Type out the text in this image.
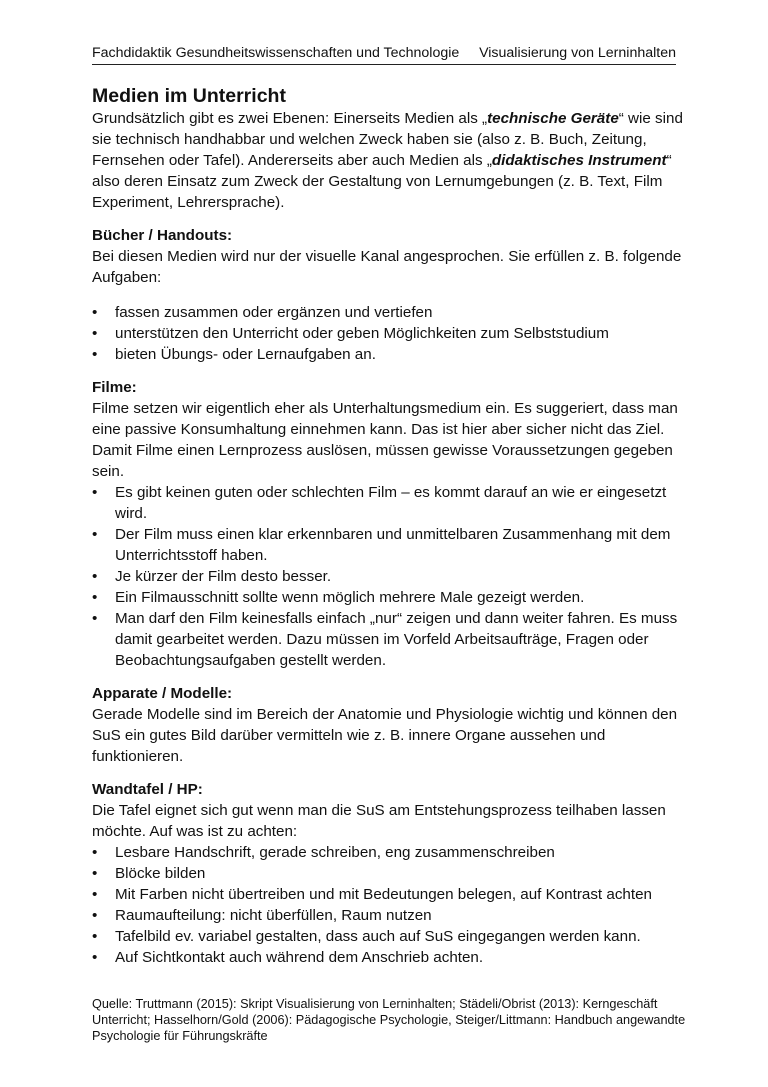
Fachdidaktik Gesundheitswissenschaften und Technologie Visualisierung von Lerninhalten
Medien im Unterricht

Grundsätzlich gibt es zwei Ebenen: Einerseits Medien als „technische Geräte“ wie sind sie technisch handhabbar und welchen Zweck haben sie (also z. B. Buch, Zeitung, Fernsehen oder Tafel). Andererseits aber auch Medien als „didaktisches Instrument“ also deren Einsatz zum Zweck der Gestaltung von Lernumgebungen (z. B. Text, Film Experiment, Lehrersprache).

Bücher / Handouts:

Bei diesen Medien wird nur der visuelle Kanal angesprochen. Sie erfüllen z. B. folgende Aufgaben:

• fassen zusammen oder ergänzen und vertiefen
• unterstützen den Unterricht oder geben Möglichkeiten zum Selbststudium
• bieten Übungs- oder Lernaufgaben an.

Filme:

Filme setzen wir eigentlich eher als Unterhaltungsmedium ein. Es suggeriert, dass man eine passive Konsumhaltung einnehmen kann. Das ist hier aber sicher nicht das Ziel. Damit Filme einen Lernprozess auslösen, müssen gewisse Voraussetzungen gegeben sein.

• Es gibt keinen guten oder schlechten Film – es kommt darauf an wie er eingesetzt wird.
• Der Film muss einen klar erkennbaren und unmittelbaren Zusammenhang mit dem Unterrichtsstoff haben.
• Je kürzer der Film desto besser.
• Ein Filmausschnitt sollte wenn möglich mehrere Male gezeigt werden.
• Man darf den Film keinesfalls einfach „nur“ zeigen und dann weiter fahren. Es muss damit gearbeitet werden. Dazu müssen im Vorfeld Arbeitsaufträge, Fragen oder Beobachtungsaufgaben gestellt werden.

Apparate / Modelle:

Gerade Modelle sind im Bereich der Anatomie und Physiologie wichtig und können den SuS ein gutes Bild darüber vermitteln wie z. B. innere Organe aussehen und funktionieren.

Wandtafel / HP:

Die Tafel eignet sich gut wenn man die SuS am Entstehungsprozess teilhaben lassen möchte. Auf was ist zu achten:

• Lesbare Handschrift, gerade schreiben, eng zusammenschreiben
• Blöcke bilden
• Mit Farben nicht übertreiben und mit Bedeutungen belegen, auf Kontrast achten
• Raumaufteilung: nicht überfüllen, Raum nutzen
• Tafelbild ev. variabel gestalten, dass auch auf SuS eingegangen werden kann.
• Auf Sichtkontakt auch während dem Anschrieb achten.
Quelle: Truttmann (2015): Skript Visualisierung von Lerninhalten; Städeli/Obrist (2013): Kerngeschäft Unterricht; Hasselhorn/Gold (2006): Pädagogische Psychologie, Steiger/Littmann: Handbuch angewandte Psychologie für Führungskräfte
